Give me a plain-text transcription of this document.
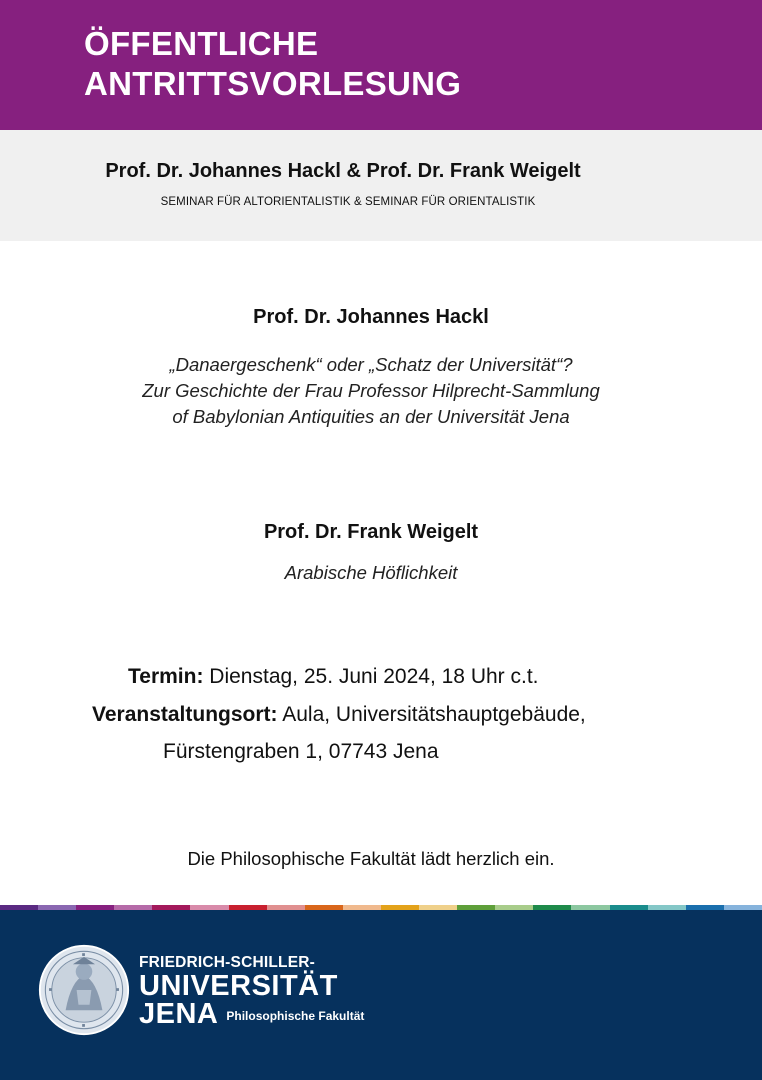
ÖFFENTLICHE
ANTRITTSVORLESUNG
Prof. Dr. Johannes Hackl & Prof. Dr. Frank Weigelt
SEMINAR FÜR ALTORIENTALISTIK & SEMINAR FÜR ORIENTALISTIK
Prof. Dr. Johannes Hackl
„Danaergeschenk“ oder „Schatz der Universität“?
Zur Geschichte der Frau Professor Hilprecht-Sammlung
of Babylonian Antiquities an der Universität Jena
Prof. Dr. Frank Weigelt
Arabische Höflichkeit
Termin: Dienstag, 25. Juni 2024, 18 Uhr c.t.
Veranstaltungsort: Aula, Universitätshauptgebäude,
Fürstengraben 1, 07743 Jena
Die Philosophische Fakultät lädt herzlich ein.
FRIEDRICH-SCHILLER-
UNIVERSITÄT
JENA Philosophische Fakultät
